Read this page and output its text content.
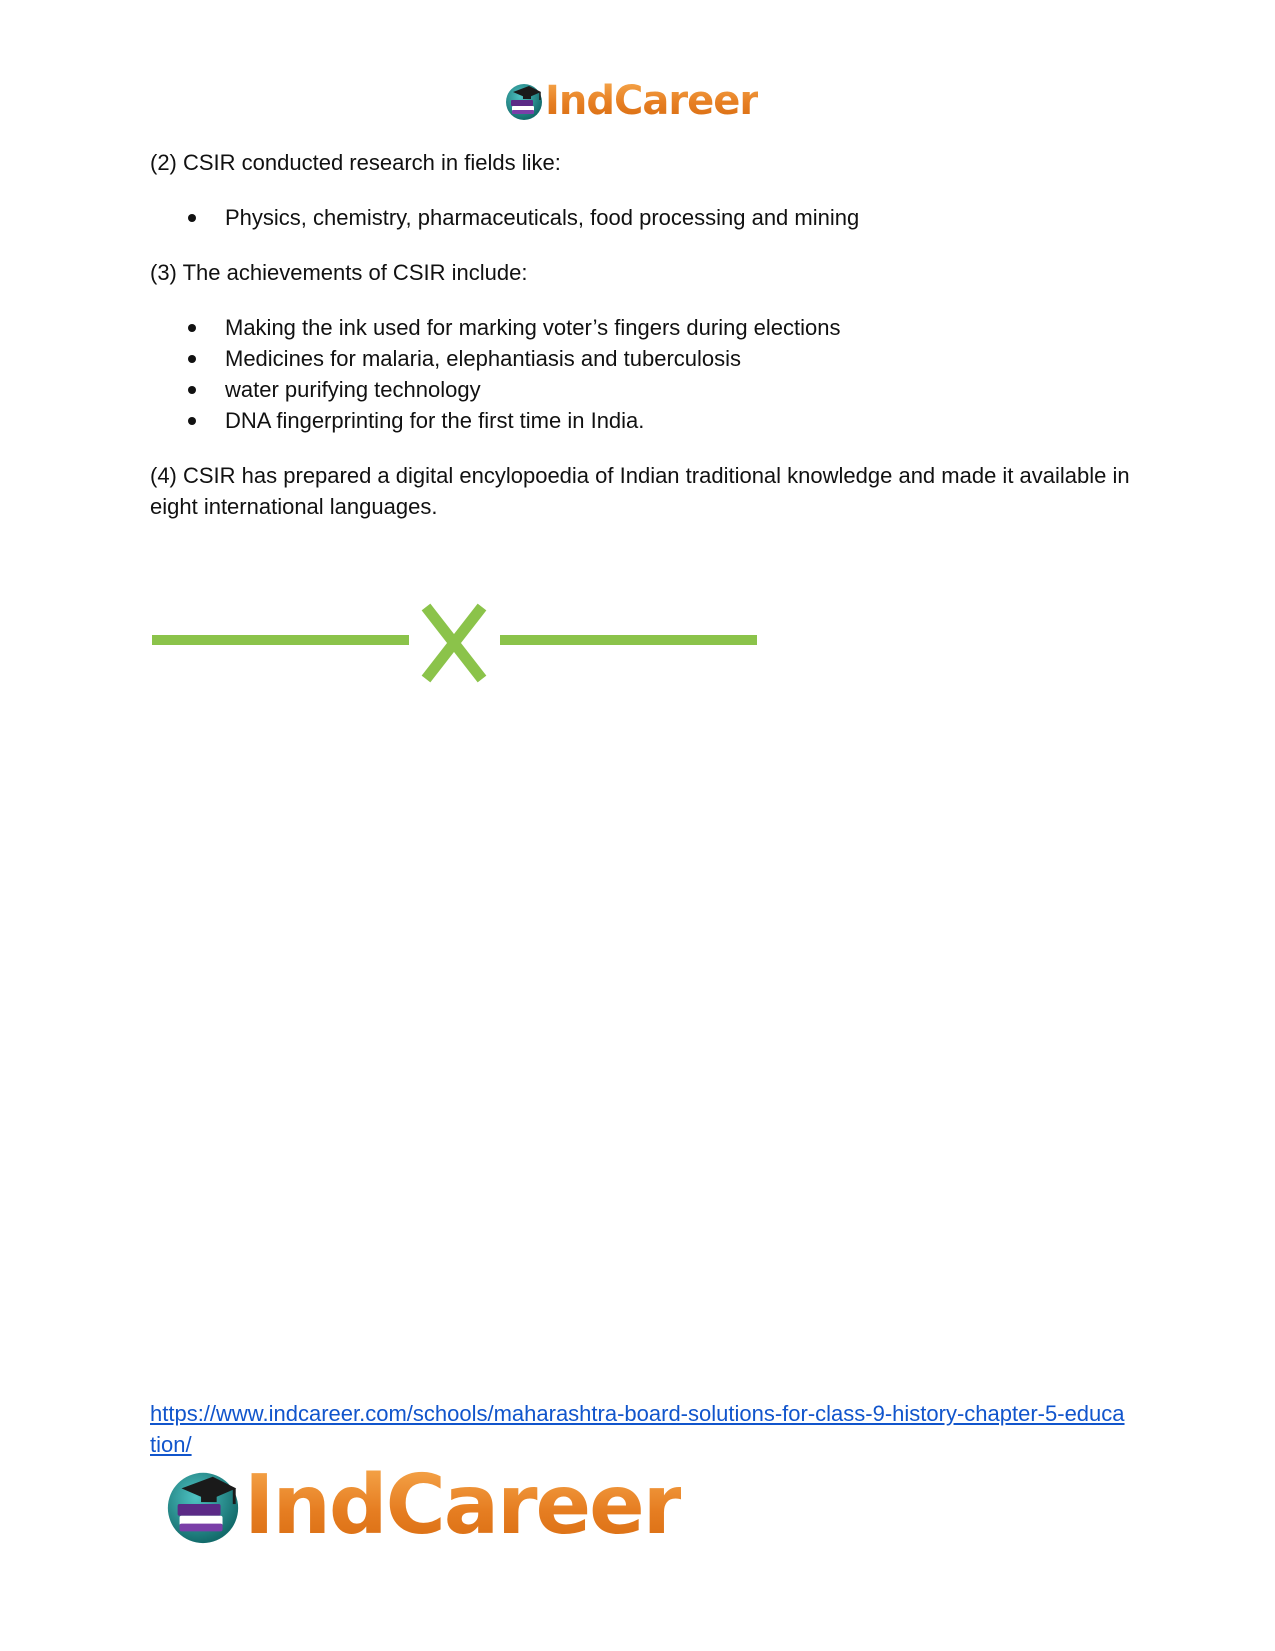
IndCareer

(2) CSIR conducted research in fields like:

Physics, chemistry, pharmaceuticals, food processing and mining

(3) The achievements of CSIR include:

Making the ink used for marking voter’s fingers during elections
Medicines for malaria, elephantiasis and tuberculosis
water purifying technology
DNA fingerprinting for the first time in India.

(4) CSIR has prepared a digital encylopoedia of Indian traditional knowledge and made it available in eight international languages.

https://www.indcareer.com/schools/maharashtra-board-solutions-for-class-9-history-chapter-5-education/
IndCareer
